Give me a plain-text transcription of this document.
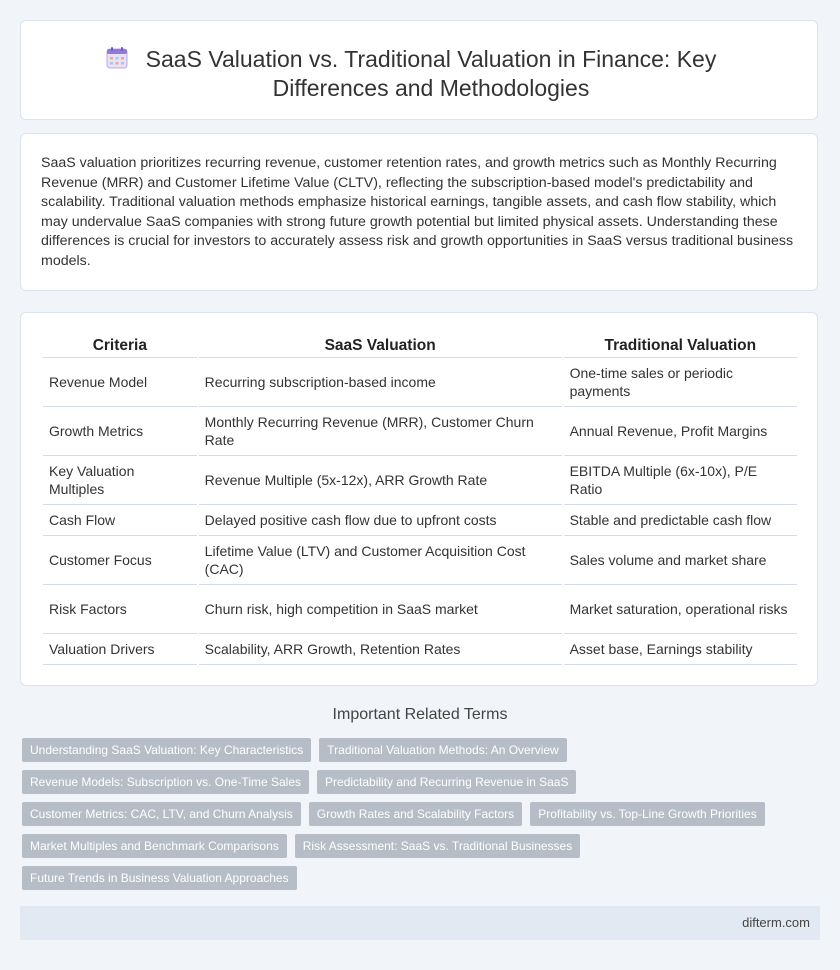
SaaS Valuation vs. Traditional Valuation in Finance: Key Differences and Methodologies

SaaS valuation prioritizes recurring revenue, customer retention rates, and growth metrics such as Monthly Recurring Revenue (MRR) and Customer Lifetime Value (CLTV), reflecting the subscription-based model's predictability and scalability. Traditional valuation methods emphasize historical earnings, tangible assets, and cash flow stability, which may undervalue SaaS companies with strong future growth potential but limited physical assets. Understanding these differences is crucial for investors to accurately assess risk and growth opportunities in SaaS versus traditional business models.

Criteria	SaaS Valuation	Traditional Valuation
Revenue Model	Recurring subscription-based income	One-time sales or periodic payments
Growth Metrics	Monthly Recurring Revenue (MRR), Customer Churn Rate	Annual Revenue, Profit Margins
Key Valuation Multiples	Revenue Multiple (5x-12x), ARR Growth Rate	EBITDA Multiple (6x-10x), P/E Ratio
Cash Flow	Delayed positive cash flow due to upfront costs	Stable and predictable cash flow
Customer Focus	Lifetime Value (LTV) and Customer Acquisition Cost (CAC)	Sales volume and market share
Risk Factors	Churn risk, high competition in SaaS market	Market saturation, operational risks
Valuation Drivers	Scalability, ARR Growth, Retention Rates	Asset base, Earnings stability
Important Related Terms
Understanding SaaS Valuation: Key Characteristics	Traditional Valuation Methods: An Overview
Revenue Models: Subscription vs. One-Time Sales	Predictability and Recurring Revenue in SaaS
Customer Metrics: CAC, LTV, and Churn Analysis	Growth Rates and Scalability Factors	Profitability vs. Top-Line Growth Priorities
Market Multiples and Benchmark Comparisons	Risk Assessment: SaaS vs. Traditional Businesses
Future Trends in Business Valuation Approaches
difterm.com
